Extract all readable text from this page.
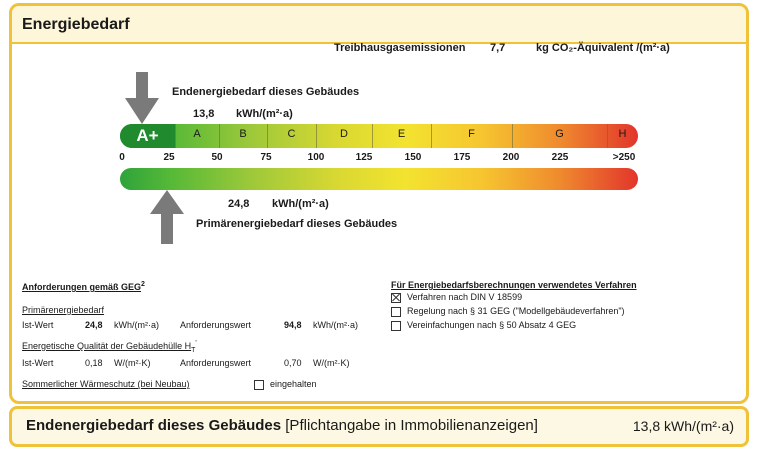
Energiebedarf
Treibhausgasemissionen 7,7	kg CO₂-Äquivalent /(m²·a)
Endenergiebedarf dieses Gebäudes
13,8 kWh/(m²·a)
A+	A	B	C	D	E	F	G	H
0	25	50	75	100	125	150	175	200	225	>250
24,8 kWh/(m²·a)
Primärenergiebedarf dieses Gebäudes
Anforderungen gemäß GEG$^2$
Primärenergiebedarf
Ist-Wert	24,8 kWh/(m²·a) Anforderungswert	94,8 kWh/(m²·a)
Energetische Qualität der Gebäudehülle $H_T'$
Ist-Wert	0,18 W/(m²·K)	Anforderungswert	0,70 W/(m²·K)
Sommerlicher Wärmeschutz (bei Neubau)	eingehalten
Für Energiebedarfsberechnungen verwendetes Verfahren
Verfahren nach DIN V 18599
Regelung nach § 31 GEG ("Modellgebäudeverfahren")
Vereinfachungen nach § 50 Absatz 4 GEG
Endenergiebedarf dieses Gebäudes [Pflichtangabe in Immobilienanzeigen]	13,8 kWh/(m²·a)
